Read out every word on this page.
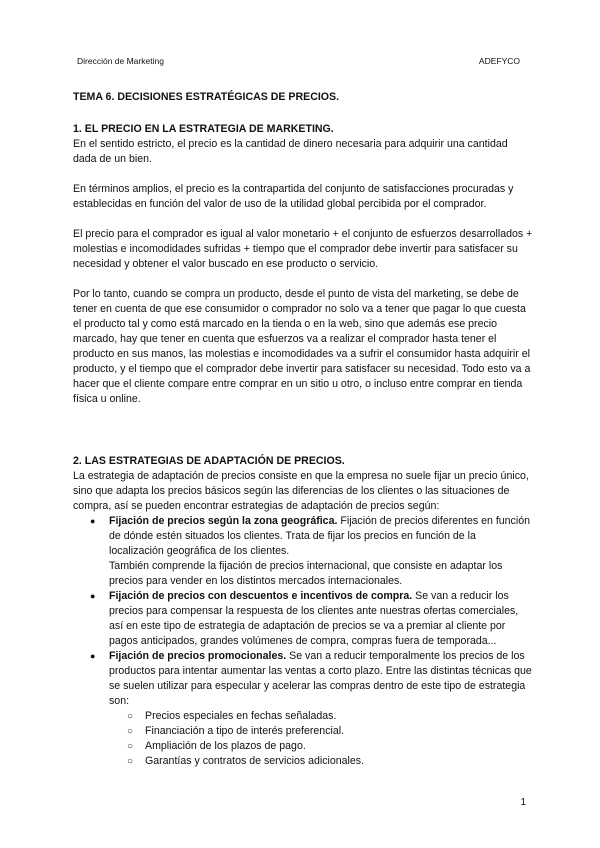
Dirección de Marketing	ADEFYCO

TEMA 6. DECISIONES ESTRATÉGICAS DE PRECIOS.

1. EL PRECIO EN LA ESTRATEGIA DE MARKETING.

En el sentido estricto, el precio es la cantidad de dinero necesaria para adquirir una cantidad dada de un bien.

En términos amplios, el precio es la contrapartida del conjunto de satisfacciones procuradas y establecidas en función del valor de uso de la utilidad global percibida por el comprador.

El precio para el comprador es igual al valor monetario + el conjunto de esfuerzos desarrollados + molestias e incomodidades sufridas + tiempo que el comprador debe invertir para satisfacer su necesidad y obtener el valor buscado en ese producto o servicio.

Por lo tanto, cuando se compra un producto, desde el punto de vista del marketing, se debe de tener en cuenta de que ese consumidor o comprador no solo va a tener que pagar lo que cuesta el producto tal y como está marcado en la tienda o en la web, sino que además ese precio marcado, hay que tener en cuenta que esfuerzos va a realizar el comprador hasta tener el producto en sus manos, las molestias e incomodidades va a sufrir el consumidor hasta adquirir el producto, y el tiempo que el comprador debe invertir para satisfacer su necesidad. Todo esto va a hacer que el cliente compare entre comprar en un sitio u otro, o incluso entre comprar en tienda física u online.

2. LAS ESTRATEGIAS DE ADAPTACIÓN DE PRECIOS.

La estrategia de adaptación de precios consiste en que la empresa no suele fijar un precio único, sino que adapta los precios básicos según las diferencias de los clientes o las situaciones de compra, así se pueden encontrar estrategias de adaptación de precios según:

● Fijación de precios según la zona geográfica. Fijación de precios diferentes en función de dónde estén situados los clientes. Trata de fijar los precios en función de la localización geográfica de los clientes.
También comprende la fijación de precios internacional, que consiste en adaptar los precios para vender en los distintos mercados internacionales.
● Fijación de precios con descuentos e incentivos de compra. Se van a reducir los precios para compensar la respuesta de los clientes ante nuestras ofertas comerciales, así en este tipo de estrategia de adaptación de precios se va a premiar al cliente por pagos anticipados, grandes volúmenes de compra, compras fuera de temporada...
● Fijación de precios promocionales. Se van a reducir temporalmente los precios de los productos para intentar aumentar las ventas a corto plazo. Entre las distintas técnicas que se suelen utilizar para especular y acelerar las compras dentro de este tipo de estrategia son:
○ Precios especiales en fechas señaladas.
○ Financiación a tipo de interés preferencial.
○ Ampliación de los plazos de pago.
○ Garantías y contratos de servicios adicionales.
1
